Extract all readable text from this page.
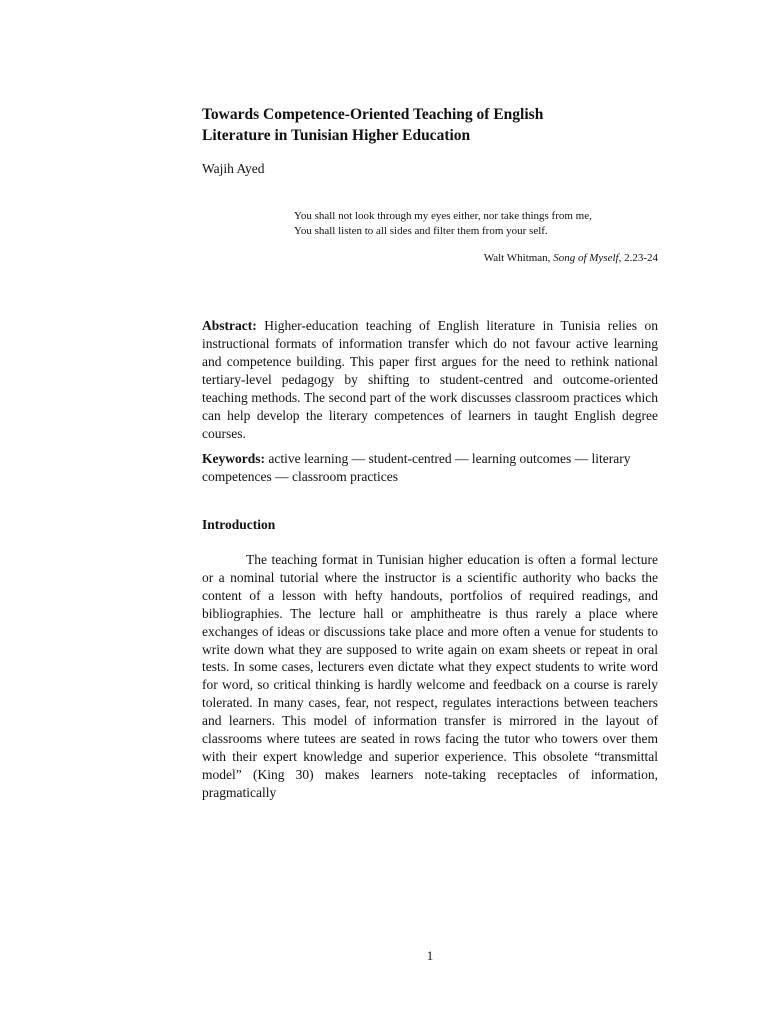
Towards Competence-Oriented Teaching of English
Literature in Tunisian Higher Education
Wajih Ayed
You shall not look through my eyes either, nor take things from me,
You shall listen to all sides and filter them from your self.
Walt Whitman, Song of Myself, 2.23-24

Abstract: Higher-education teaching of English literature in Tunisia relies on instructional formats of information transfer which do not favour active learning and competence building. This paper first argues for the need to rethink national tertiary-level pedagogy by shifting to student-centred and outcome-oriented teaching methods. The second part of the work discusses classroom practices which can help develop the literary competences of learners in taught English degree courses.

Keywords: active learning — student-centred — learning outcomes — literary competences — classroom practices

Introduction

The teaching format in Tunisian higher education is often a formal lecture or a nominal tutorial where the instructor is a scientific authority who backs the content of a lesson with hefty handouts, portfolios of required readings, and bibliographies. The lecture hall or amphitheatre is thus rarely a place where exchanges of ideas or discussions take place and more often a venue for students to write down what they are supposed to write again on exam sheets or repeat in oral tests. In some cases, lecturers even dictate what they expect students to write word for word, so critical thinking is hardly welcome and feedback on a course is rarely tolerated. In many cases, fear, not respect, regulates interactions between teachers and learners. This model of information transfer is mirrored in the layout of classrooms where tutees are seated in rows facing the tutor who towers over them with their expert knowledge and superior experience. This obsolete “transmittal model” (King 30) makes learners note-taking receptacles of information, pragmatically

1
